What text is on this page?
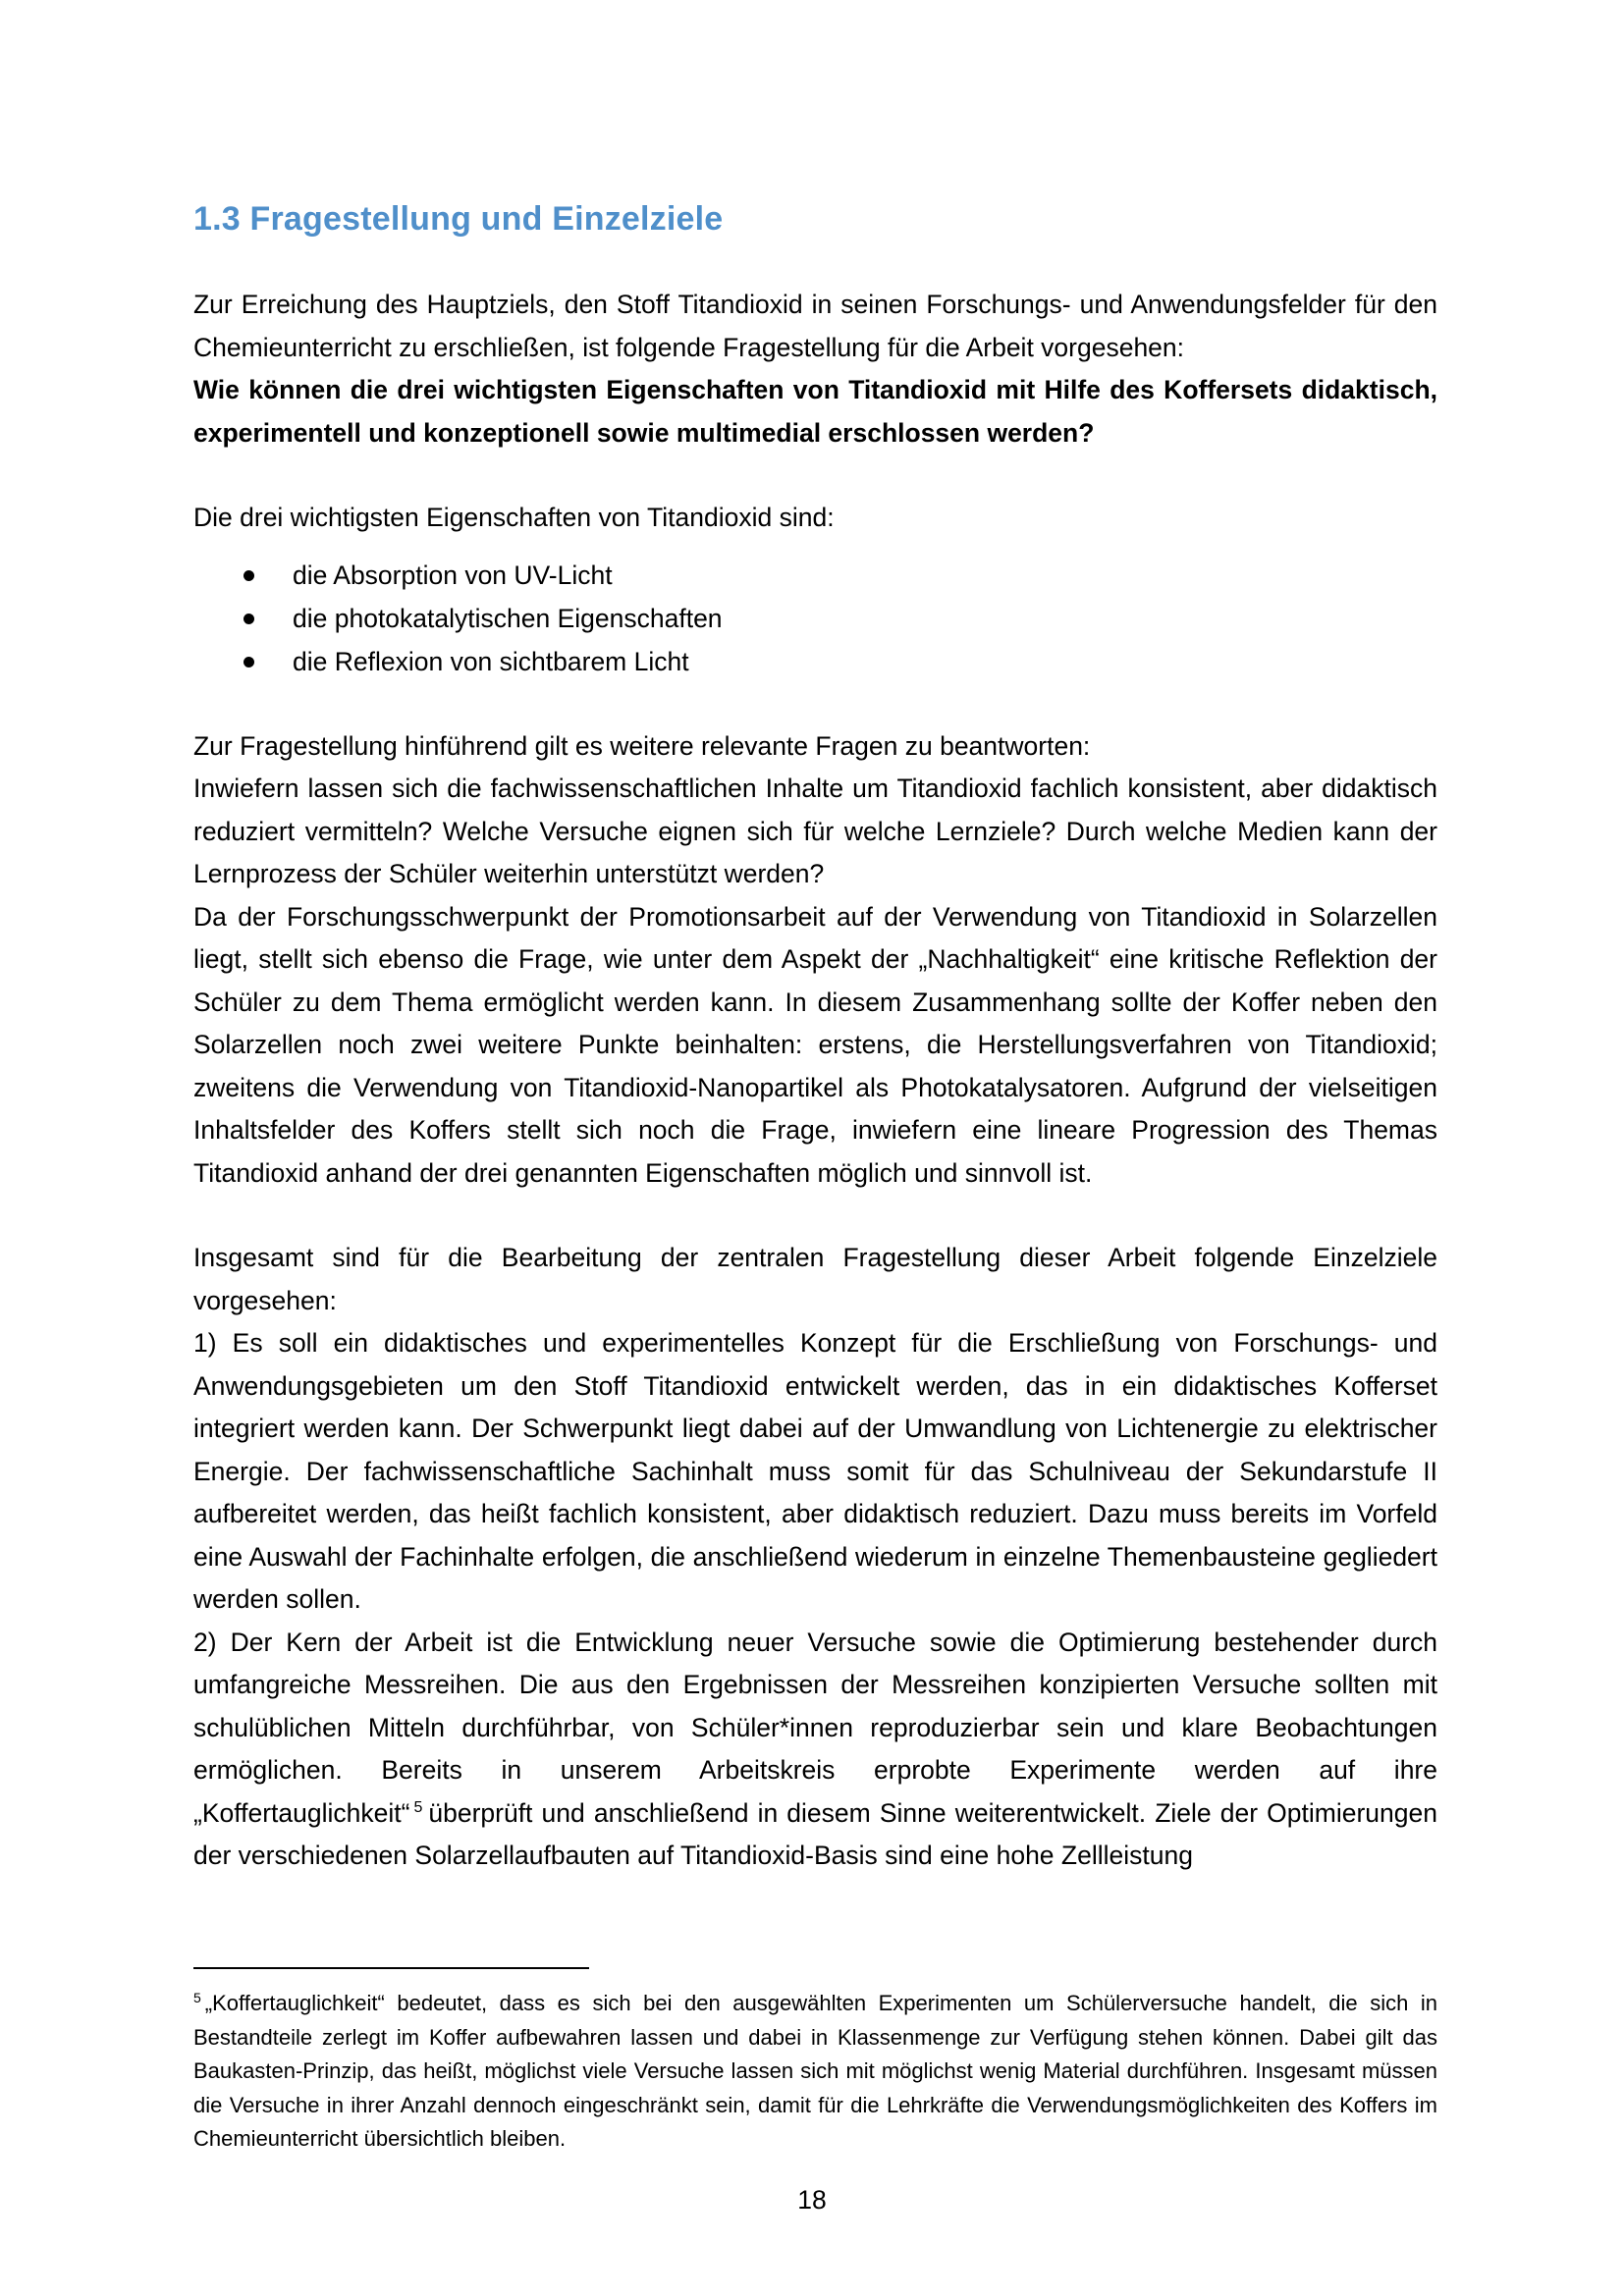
1.3 Fragestellung und Einzelziele

Zur Erreichung des Hauptziels, den Stoff Titandioxid in seinen Forschungs- und Anwendungsfelder für den Chemieunterricht zu erschließen, ist folgende Fragestellung für die Arbeit vorgesehen:

Wie können die drei wichtigsten Eigenschaften von Titandioxid mit Hilfe des Koffersets didaktisch, experimentell und konzeptionell sowie multimedial erschlossen werden?

Die drei wichtigsten Eigenschaften von Titandioxid sind:

die Absorption von UV-Licht
die photokatalytischen Eigenschaften
die Reflexion von sichtbarem Licht

Zur Fragestellung hinführend gilt es weitere relevante Fragen zu beantworten:

Inwiefern lassen sich die fachwissenschaftlichen Inhalte um Titandioxid fachlich konsistent, aber didaktisch reduziert vermitteln? Welche Versuche eignen sich für welche Lernziele? Durch welche Medien kann der Lernprozess der Schüler weiterhin unterstützt werden?

Da der Forschungsschwerpunkt der Promotionsarbeit auf der Verwendung von Titandioxid in Solarzellen liegt, stellt sich ebenso die Frage, wie unter dem Aspekt der „Nachhaltigkeit“ eine kritische Reflektion der Schüler zu dem Thema ermöglicht werden kann. In diesem Zusammenhang sollte der Koffer neben den Solarzellen noch zwei weitere Punkte beinhalten: erstens, die Herstellungsverfahren von Titandioxid; zweitens die Verwendung von Titandioxid-Nanopartikel als Photokatalysatoren. Aufgrund der vielseitigen Inhaltsfelder des Koffers stellt sich noch die Frage, inwiefern eine lineare Progression des Themas Titandioxid anhand der drei genannten Eigenschaften möglich und sinnvoll ist.

Insgesamt sind für die Bearbeitung der zentralen Fragestellung dieser Arbeit folgende Einzelziele vorgesehen:

1) Es soll ein didaktisches und experimentelles Konzept für die Erschließung von Forschungs- und Anwendungsgebieten um den Stoff Titandioxid entwickelt werden, das in ein didaktisches Kofferset integriert werden kann. Der Schwerpunkt liegt dabei auf der Umwandlung von Lichtenergie zu elektrischer Energie. Der fachwissenschaftliche Sachinhalt muss somit für das Schulniveau der Sekundarstufe II aufbereitet werden, das heißt fachlich konsistent, aber didaktisch reduziert. Dazu muss bereits im Vorfeld eine Auswahl der Fachinhalte erfolgen, die anschließend wiederum in einzelne Themenbausteine gegliedert werden sollen.

2) Der Kern der Arbeit ist die Entwicklung neuer Versuche sowie die Optimierung bestehender durch umfangreiche Messreihen. Die aus den Ergebnissen der Messreihen konzipierten Versuche sollten mit schulüblichen Mitteln durchführbar, von Schüler*innen reproduzierbar sein und klare Beobachtungen ermöglichen. Bereits in unserem Arbeitskreis erprobte Experimente werden auf ihre „Koffertauglichkeit“ $^5$ überprüft und anschließend in diesem Sinne weiterentwickelt. Ziele der Optimierungen der verschiedenen Solarzellaufbauten auf Titandioxid-Basis sind eine hohe Zellleistung

$^5$ „Koffertauglichkeit“ bedeutet, dass es sich bei den ausgewählten Experimenten um Schülerversuche handelt, die sich in Bestandteile zerlegt im Koffer aufbewahren lassen und dabei in Klassenmenge zur Verfügung stehen können. Dabei gilt das Baukasten-Prinzip, das heißt, möglichst viele Versuche lassen sich mit möglichst wenig Material durchführen. Insgesamt müssen die Versuche in ihrer Anzahl dennoch eingeschränkt sein, damit für die Lehrkräfte die Verwendungsmöglichkeiten des Koffers im Chemieunterricht übersichtlich bleiben.

18
